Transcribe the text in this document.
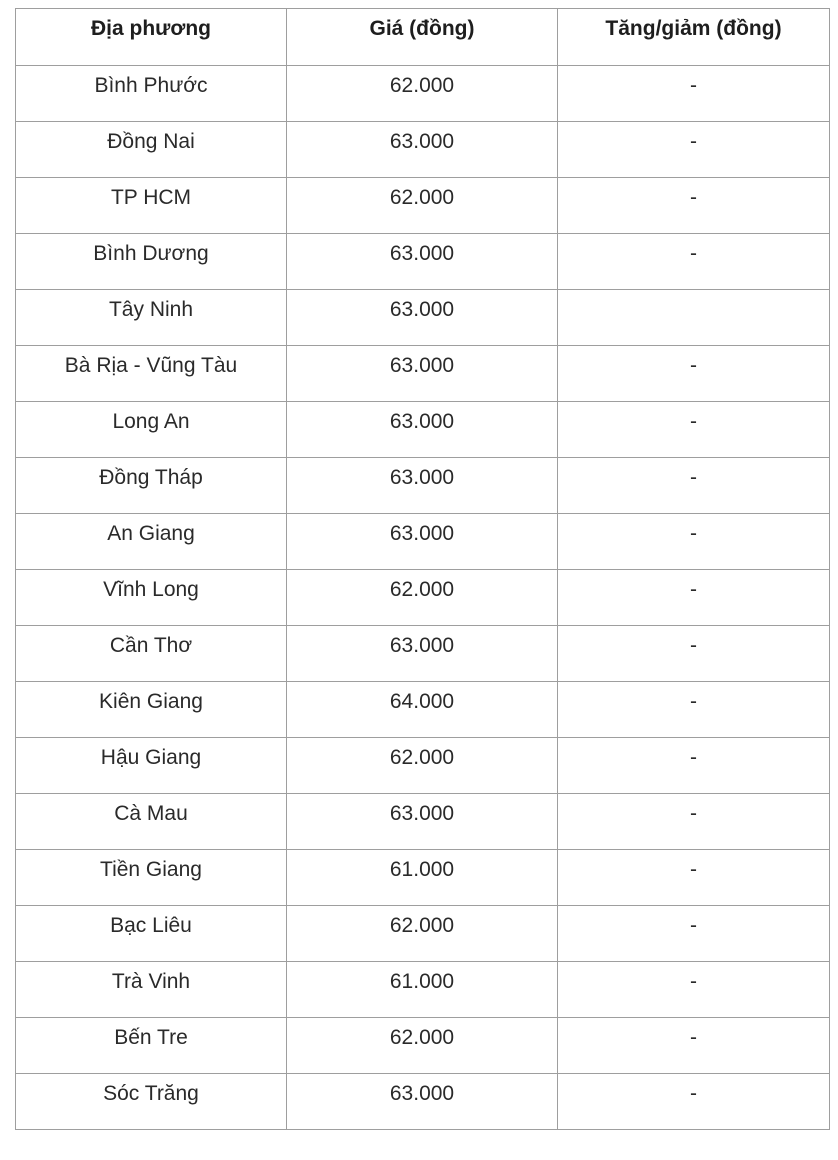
Địa phương	Giá (đồng)	Tăng/giảm (đồng)
Bình Phước	62.000	-
Đồng Nai	63.000	-
TP HCM	62.000	-
Bình Dương	63.000	-
Tây Ninh	63.000	
Bà Rịa - Vũng Tàu	63.000	-
Long An	63.000	-
Đồng Tháp	63.000	-
An Giang	63.000	-
Vĩnh Long	62.000	-
Cần Thơ	63.000	-
Kiên Giang	64.000	-
Hậu Giang	62.000	-
Cà Mau	63.000	-
Tiền Giang	61.000	-
Bạc Liêu	62.000	-
Trà Vinh	61.000	-
Bến Tre	62.000	-
Sóc Trăng	63.000	-
